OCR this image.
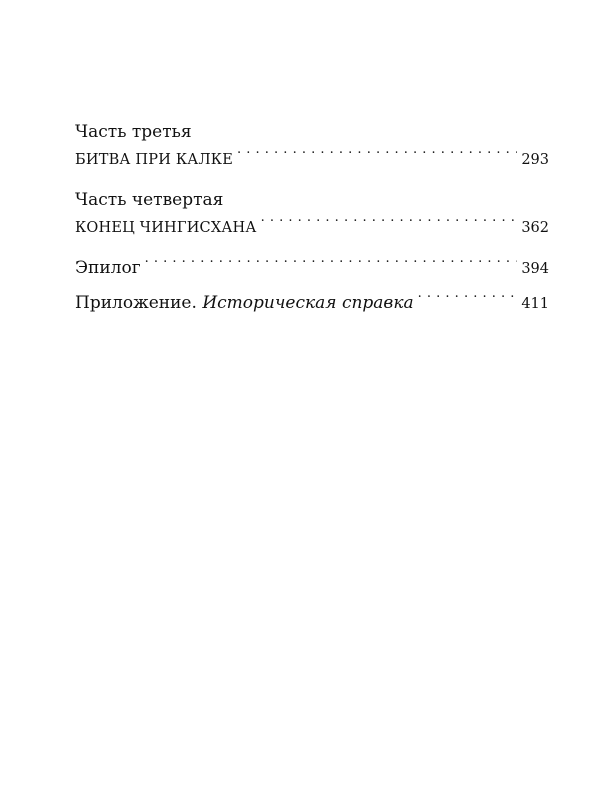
Часть третья

БИТВА ПРИ КАЛКЕ . . .	293

Часть четвертая

КОНЕЦ ЧИНГИСХАНА . . .	362
Эпилог . . .	394
Приложение. Историческая справка . . .	411
